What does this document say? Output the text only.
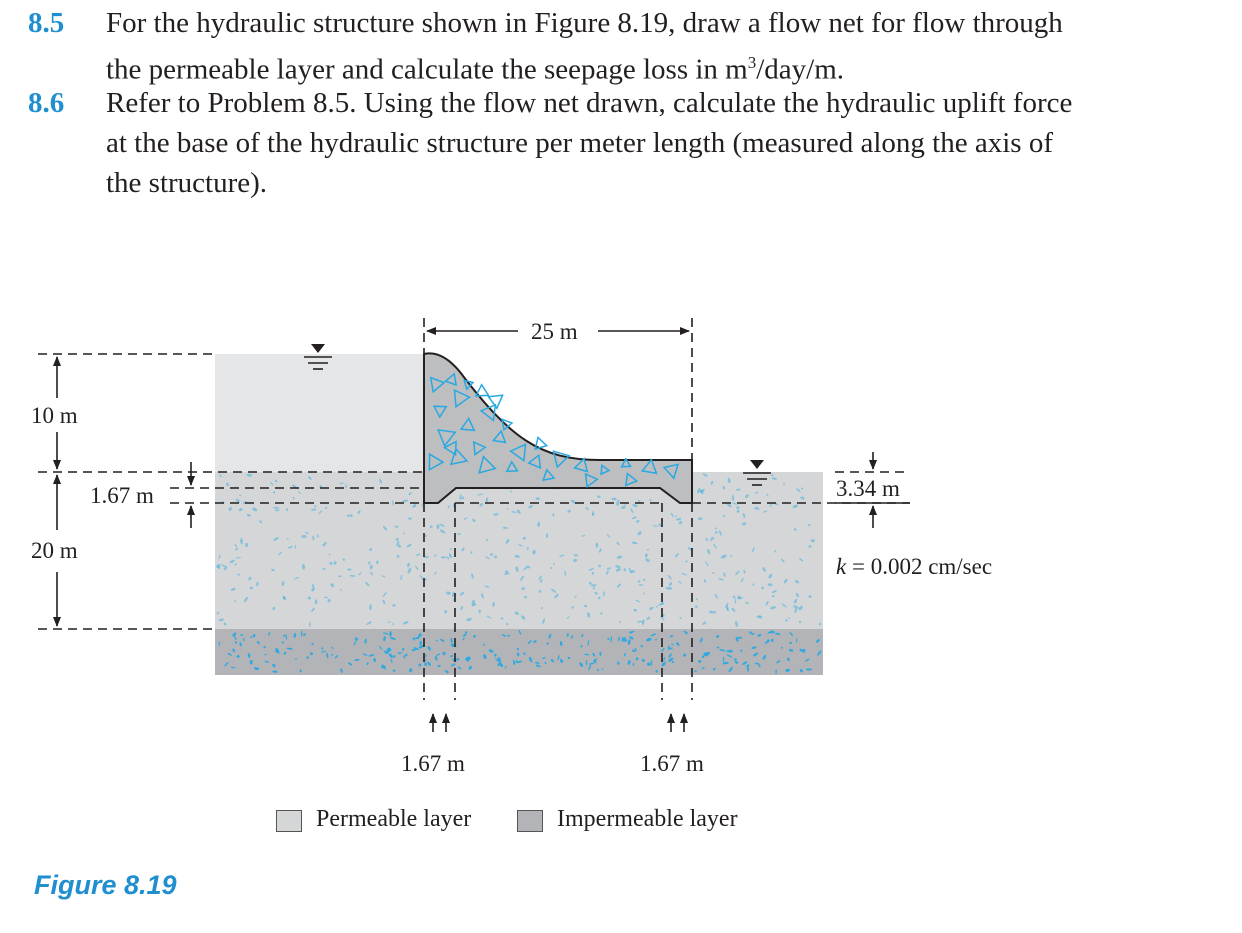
8.5 For the hydraulic structure shown in Figure 8.19, draw a flow net for flow through
the permeable layer and calculate the seepage loss in $m^3/day/m$.
8.6 Refer to Problem 8.5. Using the flow net drawn, calculate the hydraulic uplift force
at the base of the hydraulic structure per meter length (measured along the axis of
the structure).
25 m
10 m
1.67 m
20 m
3.34 m
k = 0.002 cm/sec
1.67 m	1.67 m
Permeable layer	Impermeable layer
Figure 8.19
